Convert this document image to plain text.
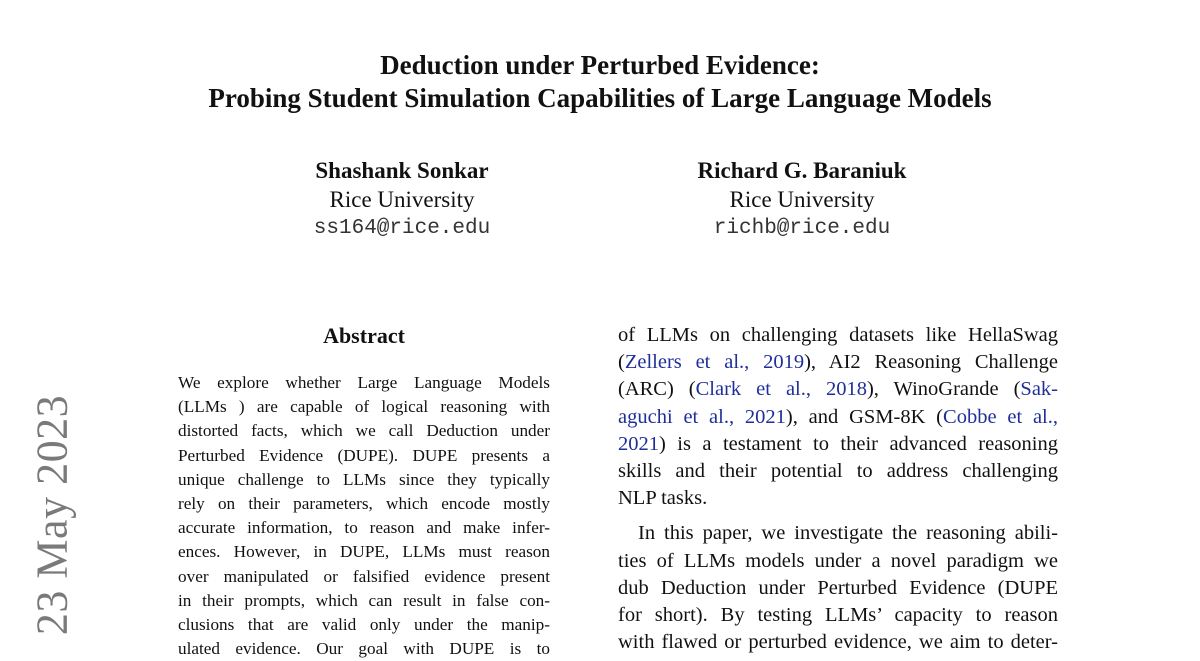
Deduction under Perturbed Evidence:
Probing Student Simulation Capabilities of Large Language Models
Shashank Sonkar
Rice University
ss164@rice.edu
Richard G. Baraniuk
Rice University
richb@rice.edu
23 May 2023
Abstract
We explore whether Large Language Models
(LLMs ) are capable of logical reasoning with
distorted facts, which we call Deduction under
Perturbed Evidence (DUPE). DUPE presents a
unique challenge to LLMs since they typically
rely on their parameters, which encode mostly
accurate information, to reason and make infer-
ences. However, in DUPE, LLMs must reason
over manipulated or falsified evidence present
in their prompts, which can result in false con-
clusions that are valid only under the manip-
ulated evidence. Our goal with DUPE is to
of LLMs on challenging datasets like HellaSwag
(Zellers et al., 2019), AI2 Reasoning Challenge
(ARC) (Clark et al., 2018), WinoGrande (Sak-
aguchi et al., 2021), and GSM-8K (Cobbe et al.,
2021) is a testament to their advanced reasoning
skills and their potential to address challenging
NLP tasks.
In this paper, we investigate the reasoning abili-
ties of LLMs models under a novel paradigm we
dub Deduction under Perturbed Evidence (DUPE
for short). By testing LLMs’ capacity to reason
with flawed or perturbed evidence, we aim to deter-
